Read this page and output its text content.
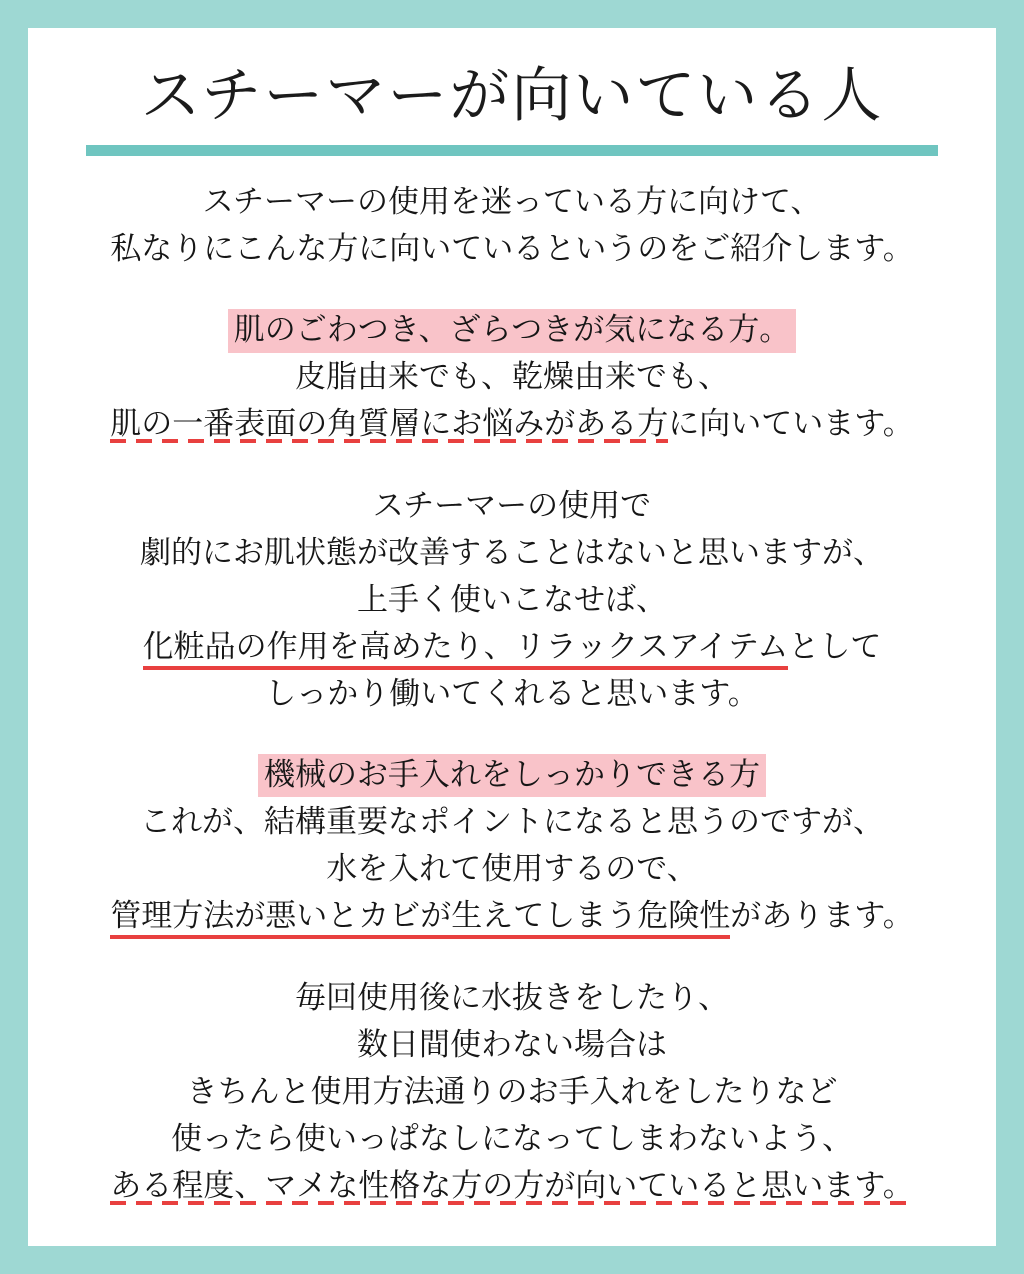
スチーマーが向いている人
スチーマーの使用を迷っている方に向けて、
私なりにこんな方に向いているというのをご紹介します。
肌のごわつき、ざらつきが気になる方。
皮脂由来でも、乾燥由来でも、
肌の一番表面の角質層にお悩みがある方に向いています。
スチーマーの使用で
劇的にお肌状態が改善することはないと思いますが、
上手く使いこなせば、
化粧品の作用を高めたり、リラックスアイテムとして
しっかり働いてくれると思います。
機械のお手入れをしっかりできる方
これが、結構重要なポイントになると思うのですが、
水を入れて使用するので、
管理方法が悪いとカビが生えてしまう危険性があります。
毎回使用後に水抜きをしたり、
数日間使わない場合は
きちんと使用方法通りのお手入れをしたりなど
使ったら使いっぱなしになってしまわないよう、
ある程度、マメな性格な方の方が向いていると思います。
